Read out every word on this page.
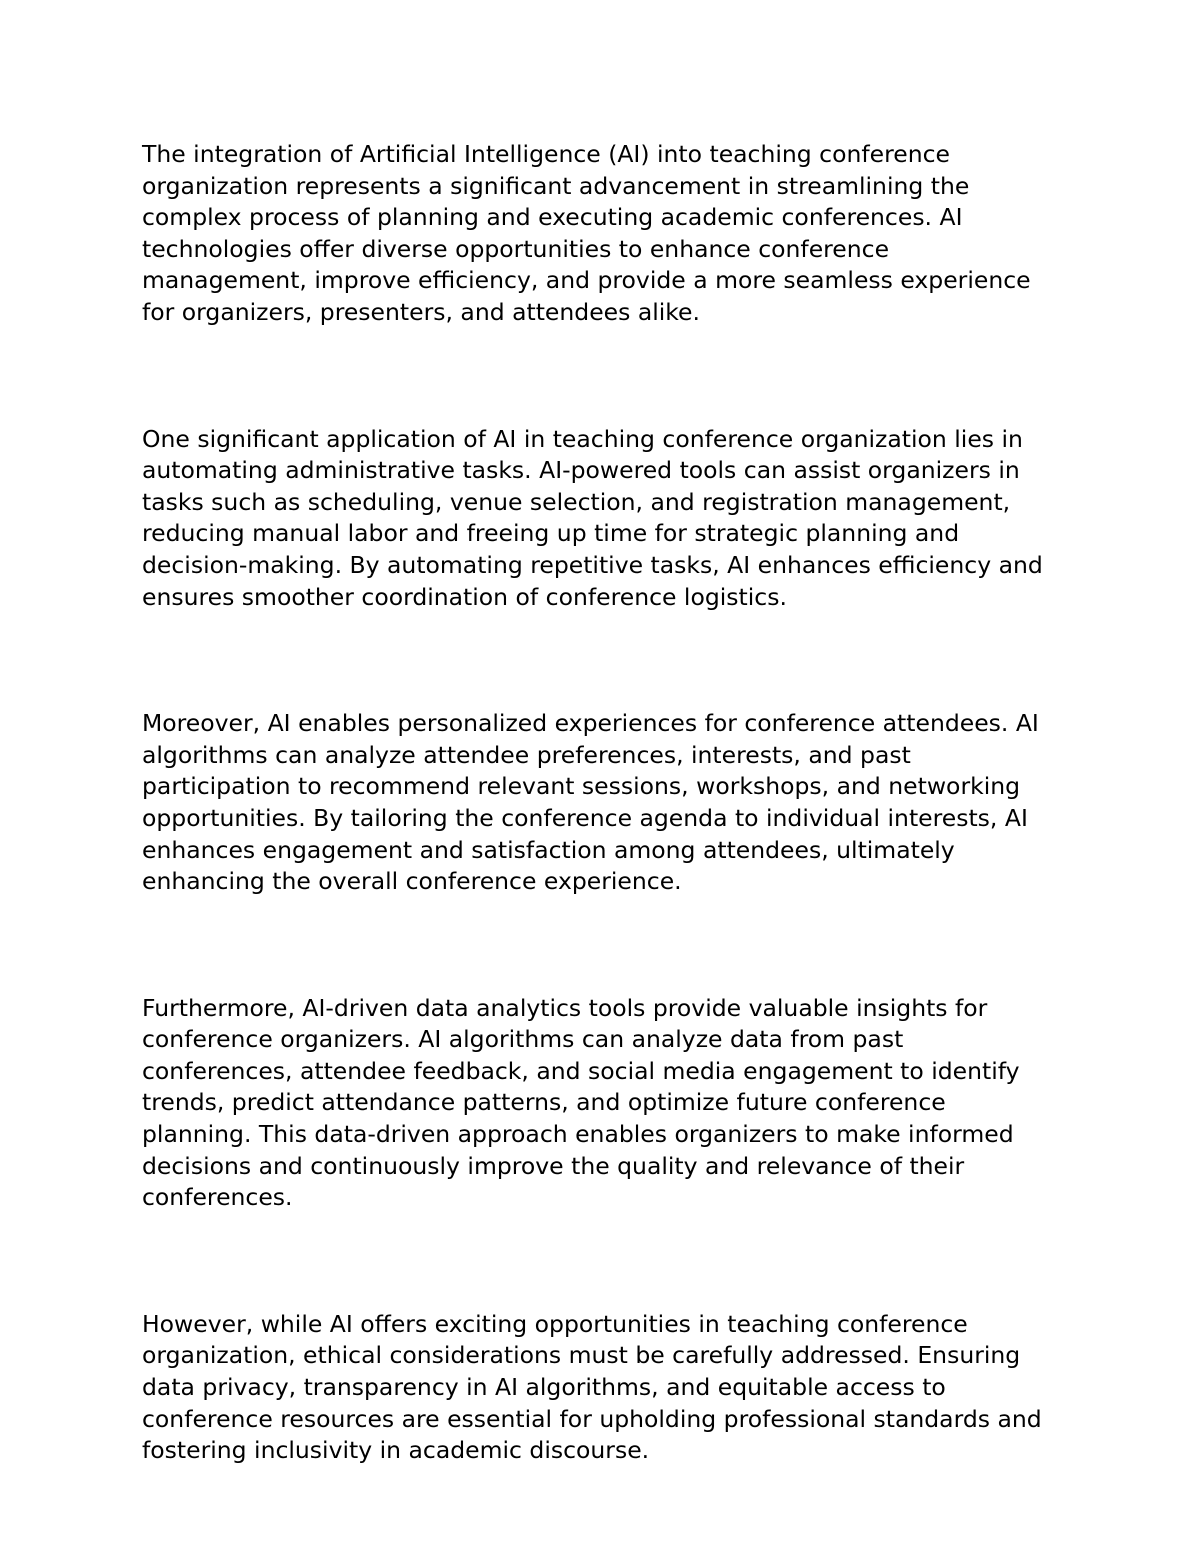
The integration of Artificial Intelligence (AI) into teaching conference
organization represents a significant advancement in streamlining the
complex process of planning and executing academic conferences. AI
technologies offer diverse opportunities to enhance conference
management, improve efficiency, and provide a more seamless experience
for organizers, presenters, and attendees alike.

One significant application of AI in teaching conference organization lies in
automating administrative tasks. AI-powered tools can assist organizers in
tasks such as scheduling, venue selection, and registration management,
reducing manual labor and freeing up time for strategic planning and
decision-making. By automating repetitive tasks, AI enhances efficiency and
ensures smoother coordination of conference logistics.

Moreover, AI enables personalized experiences for conference attendees. AI
algorithms can analyze attendee preferences, interests, and past
participation to recommend relevant sessions, workshops, and networking
opportunities. By tailoring the conference agenda to individual interests, AI
enhances engagement and satisfaction among attendees, ultimately
enhancing the overall conference experience.

Furthermore, AI-driven data analytics tools provide valuable insights for
conference organizers. AI algorithms can analyze data from past
conferences, attendee feedback, and social media engagement to identify
trends, predict attendance patterns, and optimize future conference
planning. This data-driven approach enables organizers to make informed
decisions and continuously improve the quality and relevance of their
conferences.

However, while AI offers exciting opportunities in teaching conference
organization, ethical considerations must be carefully addressed. Ensuring
data privacy, transparency in AI algorithms, and equitable access to
conference resources are essential for upholding professional standards and
fostering inclusivity in academic discourse.
